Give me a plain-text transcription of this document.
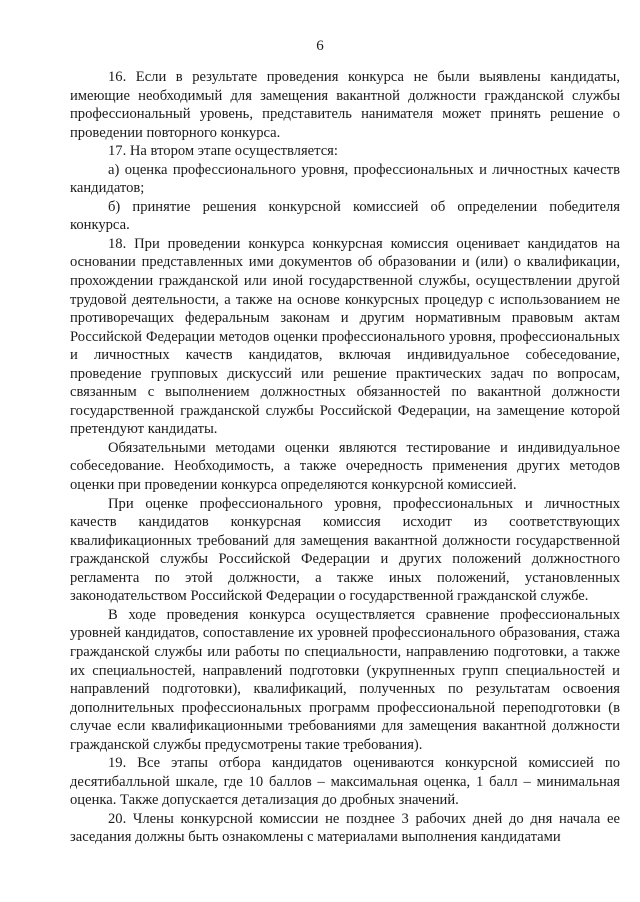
6

16. Если в результате проведения конкурса не были выявлены кандидаты, имеющие необходимый для замещения вакантной должности гражданской службы профессиональный уровень, представитель нанимателя может принять решение о проведении повторного конкурса.

17. На втором этапе осуществляется:

а) оценка профессионального уровня, профессиональных и личностных качеств кандидатов;

б) принятие решения конкурсной комиссией об определении победителя конкурса.

18. При проведении конкурса конкурсная комиссия оценивает кандидатов на основании представленных ими документов об образовании и (или) о квалификации, прохождении гражданской или иной государственной службы, осуществлении другой трудовой деятельности, а также на основе конкурсных процедур с использованием не противоречащих федеральным законам и другим нормативным правовым актам Российской Федерации методов оценки профессионального уровня, профессиональных и личностных качеств кандидатов, включая индивидуальное собеседование, проведение групповых дискуссий или решение практических задач по вопросам, связанным с выполнением должностных обязанностей по вакантной должности государственной гражданской службы Российской Федерации, на замещение которой претендуют кандидаты.

Обязательными методами оценки являются тестирование и индивидуальное собеседование. Необходимость, а также очередность применения других методов оценки при проведении конкурса определяются конкурсной комиссией.

При оценке профессионального уровня, профессиональных и личностных качеств кандидатов конкурсная комиссия исходит из соответствующих квалификационных требований для замещения вакантной должности государственной гражданской службы Российской Федерации и других положений должностного регламента по этой должности, а также иных положений, установленных законодательством Российской Федерации о государственной гражданской службе.

В ходе проведения конкурса осуществляется сравнение профессиональных уровней кандидатов, сопоставление их уровней профессионального образования, стажа гражданской службы или работы по специальности, направлению подготовки, а также их специальностей, направлений подготовки (укрупненных групп специальностей и направлений подготовки), квалификаций, полученных по результатам освоения дополнительных профессиональных программ профессиональной переподготовки (в случае если квалификационными требованиями для замещения вакантной должности гражданской службы предусмотрены такие требования).

19. Все этапы отбора кандидатов оцениваются конкурсной комиссией по десятибалльной шкале, где 10 баллов – максимальная оценка, 1 балл – минимальная оценка. Также допускается детализация до дробных значений.

20. Члены конкурсной комиссии не позднее 3 рабочих дней до дня начала ее заседания должны быть ознакомлены с материалами выполнения кандидатами
